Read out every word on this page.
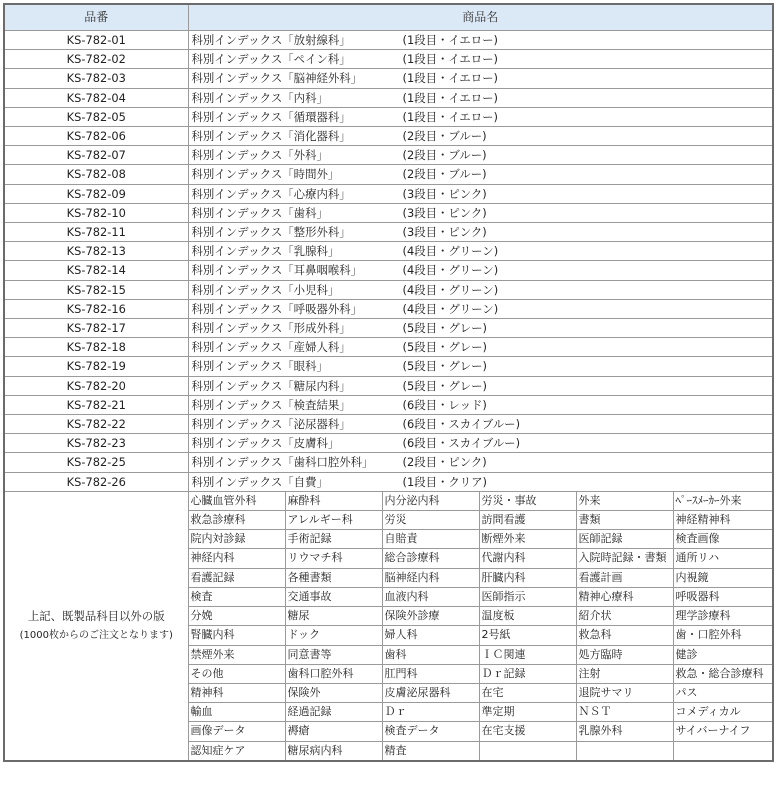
品番	商品名					
KS-782-01	科別インデックス「放射線科」 (1段目・イエロー)					
KS-782-02	科別インデックス「ペイン科」 (1段目・イエロー)					
KS-782-03	科別インデックス「脳神経外科」 (1段目・イエロー)					
KS-782-04	科別インデックス「内科」 (1段目・イエロー)					
KS-782-05	科別インデックス「循環器科」 (1段目・イエロー)					
KS-782-06	科別インデックス「消化器科」 (2段目・ブルー)					
KS-782-07	科別インデックス「外科」 (2段目・ブルー)					
KS-782-08	科別インデックス「時間外」 (2段目・ブルー)					
KS-782-09	科別インデックス「心療内科」 (3段目・ピンク)					
KS-782-10	科別インデックス「歯科」 (3段目・ピンク)					
KS-782-11	科別インデックス「整形外科」 (3段目・ピンク)					
KS-782-13	科別インデックス「乳腺科」 (4段目・グリーン)					
KS-782-14	科別インデックス「耳鼻咽喉科」 (4段目・グリーン)					
KS-782-15	科別インデックス「小児科」 (4段目・グリーン)					
KS-782-16	科別インデックス「呼吸器外科」 (4段目・グリーン)					
KS-782-17	科別インデックス「形成外科」 (5段目・グレー)					
KS-782-18	科別インデックス「産婦人科」 (5段目・グレー)					
KS-782-19	科別インデックス「眼科」 (5段目・グレー)					
KS-782-20	科別インデックス「糖尿内科」 (5段目・グレー)					
KS-782-21	科別インデックス「検査結果」 (6段目・レッド)					
KS-782-22	科別インデックス「泌尿器科」 (6段目・スカイブルー)					
KS-782-23	科別インデックス「皮膚科」 (6段目・スカイブルー)					
KS-782-25	科別インデックス「歯科口腔外科」 (2段目・ピンク)					
KS-782-26	科別インデックス「自費」 (1段目・クリア)					

上記、既製品科目以外の版
(1000枚からのご注文となります)	心臓血管外科	麻酔科	内分泌内科	労災・事故	外来	ﾍﾟｰｽﾒｰｶｰ外来
	救急診療科	アレルギー科	労災	訪問看護	書類	神経精神科
	院内対診録	手術記録	自賠責	断煙外来	医師記録	検査画像
	神経内科	リウマチ科	総合診療科	代謝内科	入院時記録・書類	通所リハ
	看護記録	各種書類	脳神経内科	肝臓内科	看護計画	内視鏡
	検査	交通事故	血液内科	医師指示	精神心療科	呼吸器科
	分娩	糖尿	保険外診療	温度板	紹介状	理学診療科
	腎臓内科	ドック	婦人科	2号紙	救急科	歯・口腔外科
	禁煙外来	同意書等	歯科	ＩＣ関連	処方臨時	健診
	その他	歯科口腔外科	肛門科	Ｄｒ記録	注射	救急・総合診療科
	精神科	保険外	皮膚泌尿器科	在宅	退院サマリ	パス
	輸血	経過記録	Ｄｒ	準定期	ＮＳＴ	コメディカル
	画像データ	褥瘡	検査データ	在宅支援	乳腺外科	サイバーナイフ
	認知症ケア	糖尿病内科	精査			
